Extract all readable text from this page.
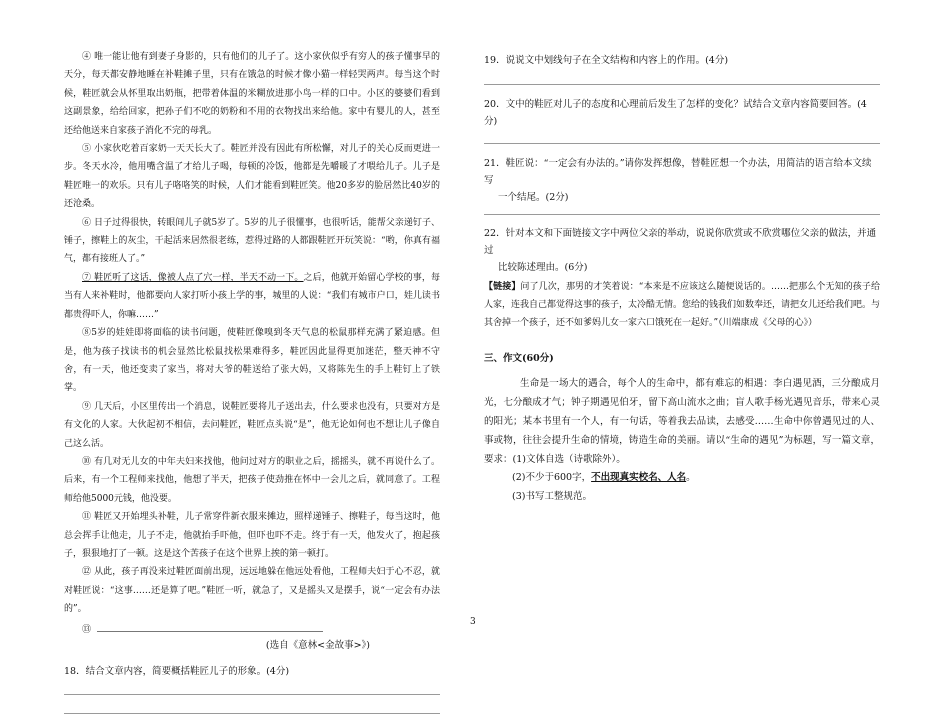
④ 唯一能让他有到妻子身影的，只有他们的儿子了。这小家伙似乎有穷人的孩子懂事早的天分，每天都安静地睡在补鞋摊子里，只有在饿急的时候才像小猫一样轻哭两声。每当这个时候，鞋匠就会从怀里取出奶瓶，把带着体温的米糊放进那小鸟一样的口中。小区的婆婆们看到这副景象，给给回家，把孙子们不吃的奶粉和不用的衣物找出来给他。家中有婴儿的人，甚至还给他送来自家孩子消化不完的母乳。

⑤ 小家伙吃着百家奶一天天长大了。鞋匠并没有因此有所松懈，对儿子的关心反而更进一步。冬天水冷，他用嘴含温了才给儿子喝，每顿的冷饭，他都是先嚼暖了才喂给儿子。儿子是鞋匠唯一的欢乐。只有儿子咯咯笑的时候，人们才能看到鞋匠笑。他20多岁的脸居然比40岁的还沧桑。

⑥ 日子过得很快，转眼间儿子就5岁了。5岁的儿子很懂事，也很听话，能帮父亲递钉子、锤子，擦鞋上的灰尘，干起活来居然很老练，惹得过路的人都跟鞋匠开玩笑说：“哟，你真有福气，都有接班人了。”

⑦ 鞋匠听了这话，像被人点了穴一样，半天不动一下。之后，他就开始留心学校的事，每当有人来补鞋时，他都要向人家打听小孩上学的事，城里的人说：“我们有城市户口，娃儿读书都贵得吓人，你嘛……”

⑧5岁的娃娃即将面临的读书问题，使鞋匠像嗅到冬天气息的松鼠那样充满了紧迫感。但是，他为孩子找读书的机会显然比松鼠找松果难得多，鞋匠因此显得更加迷茫，整天神不守舍，有一天，他还变卖了家当，将对大爷的鞋送给了张大妈，又将陈先生的手上鞋钉上了铁掌。

⑨ 几天后，小区里传出一个消息，说鞋匠要将儿子送出去，什么要求也没有，只要对方是有文化的人家。大伙起初不相信，去问鞋匠，鞋匠点头说“是”，他无论如何也不想让儿子像自己这么活。

⑩ 有几对无儿女的中年夫妇来找他，他问过对方的职业之后，摇摇头，就不再说什么了。后来，有一个工程师来找他，他想了半天，把孩子使劲推在怀中一会儿之后，就同意了。工程师给他5000元钱，他没要。

⑪ 鞋匠又开始埋头补鞋，儿子常穿件新衣服来摊边，照样递锤子、擦鞋子，每当这时，他总会挥手让他走，儿子不走，他就抬手吓他，但吓也吓不走。终于有一天，他发火了，抱起孩子，狠狠地打了一顿。这是这个苦孩子在这个世界上挨的第一顿打。

⑫ 从此，孩子再没来过鞋匠面前出现，远远地躲在他远处看他，工程师夫妇于心不忍，就对鞋匠说：“这事……还是算了吧。”鞋匠一听，就急了，又是摇头又是摆手，说“一定会有办法的”。

⑬

(选自《意林<金故事>》)

18．结合文章内容，简要概括鞋匠儿子的形象。(4分)

19．说说文中划线句子在全文结构和内容上的作用。(4分)

20．文中的鞋匠对儿子的态度和心理前后发生了怎样的变化？试结合文章内容简要回答。(4分)

21．鞋匠说：“一定会有办法的。”请你发挥想像，替鞋匠想一个办法，用简洁的语言给本文续写
一个结尾。(2分)

22．针对本文和下面链接文字中两位父亲的举动，说说你欣赏或不欣赏哪位父亲的做法，并通过
比较陈述理由。(6分)

【链接】问了几次，那男的才笑着说：“本来是不应该这么随便说话的。……把那么个无知的孩子给人家，连我自己都觉得这事的孩子，太冷酷无情。您给的钱我们如数奉还，请把女儿还给我们吧。与其舍掉一个孩子，还不如爹妈儿女一家六口饿死在一起好。”（川端康成《父母的心》）

三、作文(60分)

生命是一场大的遇合，每个人的生命中，都有难忘的相遇：李白遇见酒，三分酿成月光，七分酿成才气；钟子期遇见伯牙，留下高山流水之曲；盲人歌手杨光遇见音乐，带来心灵的阳光；某本书里有一个人，有一句话，等着我去品读，去感受……生命中你曾遇见过的人、事或物，往往会提升生命的情境，铸造生命的美丽。请以“生命的遇见”为标题，写一篇文章，要求：(1)文体自选（诗歌除外）。

(2)不少于600字，不出现真实校名、人名。

(3)书写工整规范。

3
